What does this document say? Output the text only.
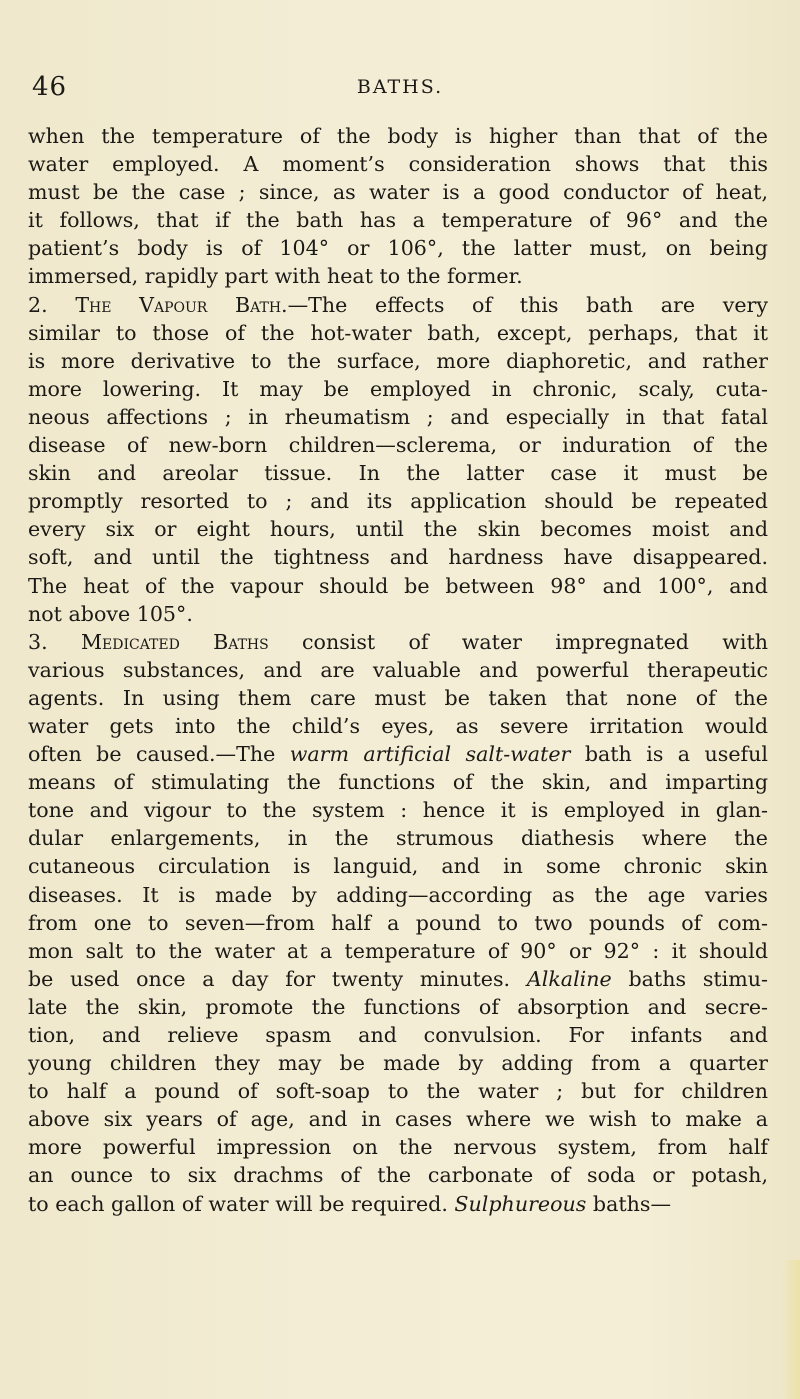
46	BATHS.
when the temperature of the body is higher than that of the
water employed. A moment’s consideration shows that this
must be the case ; since, as water is a good conductor of heat,
it follows, that if the bath has a temperature of 96° and the
patient’s body is of 104° or 106°, the latter must, on being
immersed, rapidly part with heat to the former.
2. The Vapour Bath.—The effects of this bath are very
similar to those of the hot-water bath, except, perhaps, that it
is more derivative to the surface, more diaphoretic, and rather
more lowering. It may be employed in chronic, scaly, cuta-
neous affections ; in rheumatism ; and especially in that fatal
disease of new-born children—sclerema, or induration of the
skin and areolar tissue. In the latter case it must be
promptly resorted to ; and its application should be repeated
every six or eight hours, until the skin becomes moist and
soft, and until the tightness and hardness have disappeared.
The heat of the vapour should be between 98° and 100°, and
not above 105°.
3. Medicated Baths consist of water impregnated with
various substances, and are valuable and powerful therapeutic
agents. In using them care must be taken that none of the
water gets into the child’s eyes, as severe irritation would
often be caused.—The warm artificial salt-water bath is a useful
means of stimulating the functions of the skin, and imparting
tone and vigour to the system : hence it is employed in glan-
dular enlargements, in the strumous diathesis where the
cutaneous circulation is languid, and in some chronic skin
diseases. It is made by adding—according as the age varies
from one to seven—from half a pound to two pounds of com-
mon salt to the water at a temperature of 90° or 92° : it should
be used once a day for twenty minutes. Alkaline baths stimu-
late the skin, promote the functions of absorption and secre-
tion, and relieve spasm and convulsion. For infants and
young children they may be made by adding from a quarter
to half a pound of soft-soap to the water ; but for children
above six years of age, and in cases where we wish to make a
more powerful impression on the nervous system, from half
an ounce to six drachms of the carbonate of soda or potash,
to each gallon of water will be required. Sulphureous baths—
